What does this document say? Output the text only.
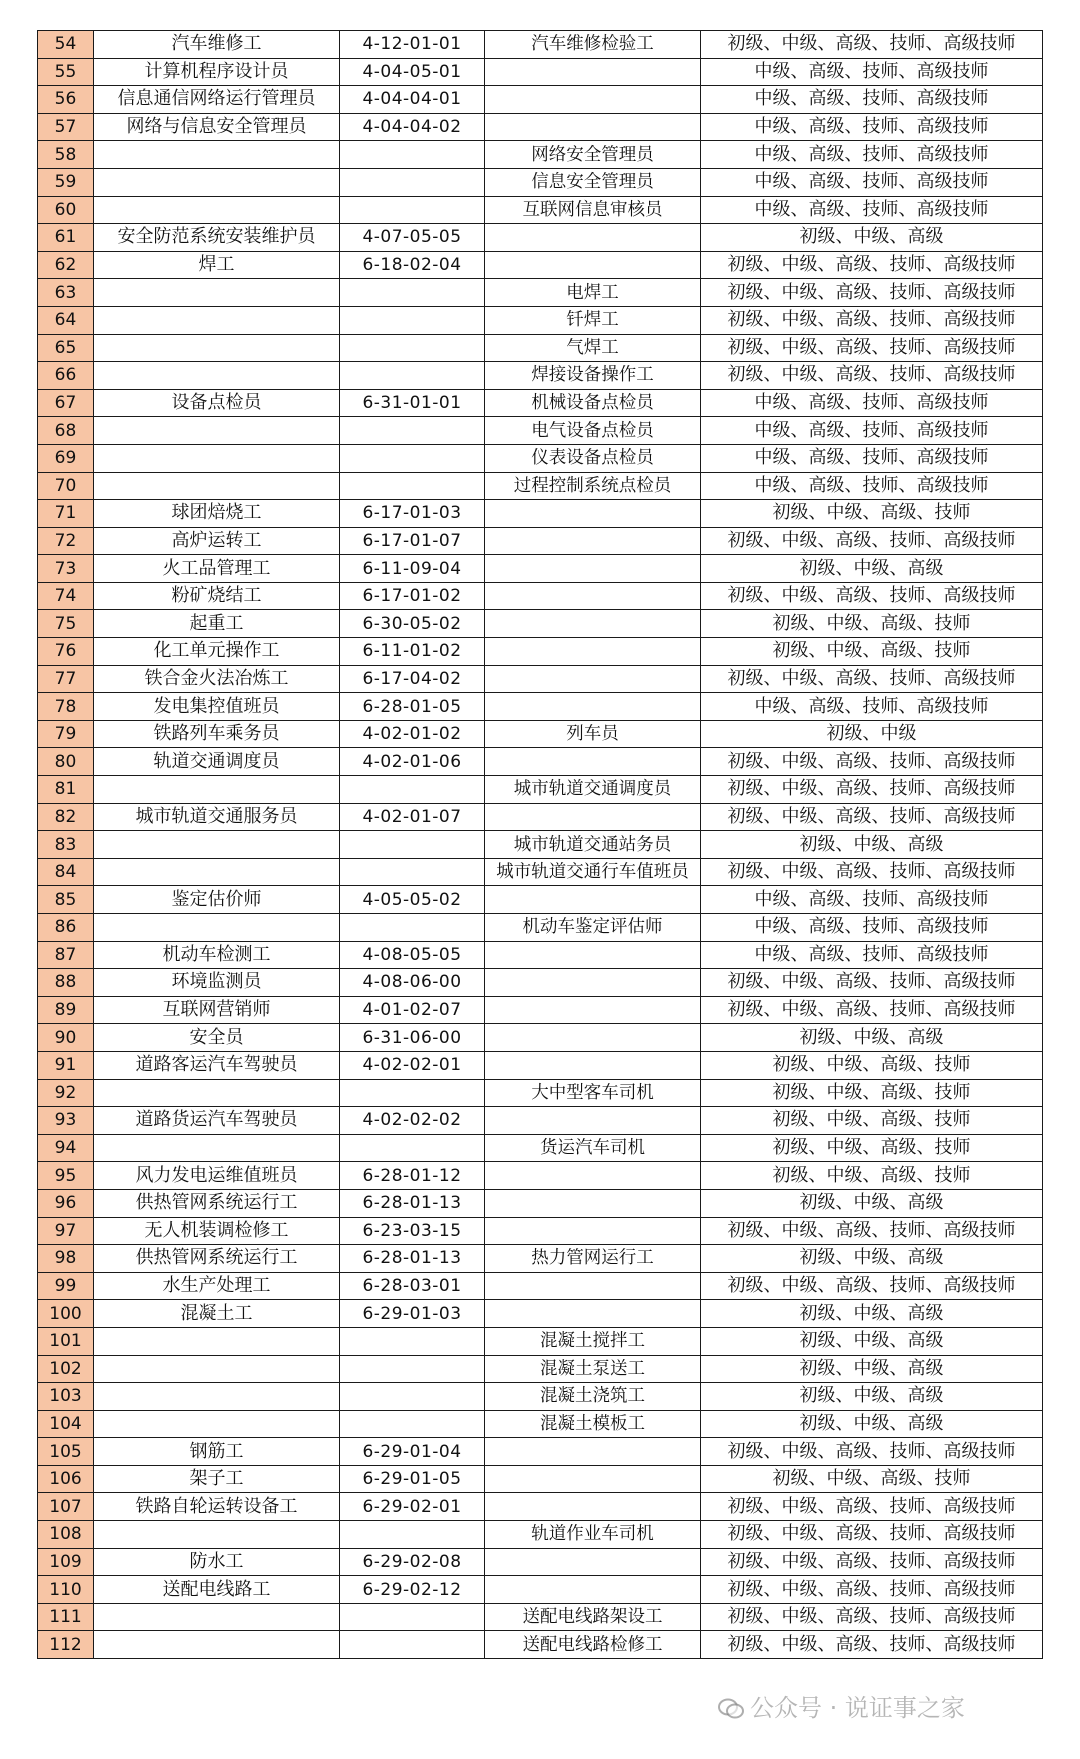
54	汽车维修工	4-12-01-01	汽车维修检验工	初级、中级、高级、技师、高级技师
55	计算机程序设计员	4-04-05-01		中级、高级、技师、高级技师
56	信息通信网络运行管理员	4-04-04-01		中级、高级、技师、高级技师
57	网络与信息安全管理员	4-04-04-02		中级、高级、技师、高级技师
58			网络安全管理员	中级、高级、技师、高级技师
59			信息安全管理员	中级、高级、技师、高级技师
60			互联网信息审核员	中级、高级、技师、高级技师
61	安全防范系统安装维护员	4-07-05-05		初级、中级、高级
62	焊工	6-18-02-04		初级、中级、高级、技师、高级技师
63			电焊工	初级、中级、高级、技师、高级技师
64			钎焊工	初级、中级、高级、技师、高级技师
65			气焊工	初级、中级、高级、技师、高级技师
66			焊接设备操作工	初级、中级、高级、技师、高级技师
67	设备点检员	6-31-01-01	机械设备点检员	中级、高级、技师、高级技师
68			电气设备点检员	中级、高级、技师、高级技师
69			仪表设备点检员	中级、高级、技师、高级技师
70			过程控制系统点检员	中级、高级、技师、高级技师
71	球团焙烧工	6-17-01-03		初级、中级、高级、技师
72	高炉运转工	6-17-01-07		初级、中级、高级、技师、高级技师
73	火工品管理工	6-11-09-04		初级、中级、高级
74	粉矿烧结工	6-17-01-02		初级、中级、高级、技师、高级技师
75	起重工	6-30-05-02		初级、中级、高级、技师
76	化工单元操作工	6-11-01-02		初级、中级、高级、技师
77	铁合金火法冶炼工	6-17-04-02		初级、中级、高级、技师、高级技师
78	发电集控值班员	6-28-01-05		中级、高级、技师、高级技师
79	铁路列车乘务员	4-02-01-02	列车员	初级、中级
80	轨道交通调度员	4-02-01-06		初级、中级、高级、技师、高级技师
81			城市轨道交通调度员	初级、中级、高级、技师、高级技师
82	城市轨道交通服务员	4-02-01-07		初级、中级、高级、技师、高级技师
83			城市轨道交通站务员	初级、中级、高级
84			城市轨道交通行车值班员	初级、中级、高级、技师、高级技师
85	鉴定估价师	4-05-05-02		中级、高级、技师、高级技师
86			机动车鉴定评估师	中级、高级、技师、高级技师
87	机动车检测工	4-08-05-05		中级、高级、技师、高级技师
88	环境监测员	4-08-06-00		初级、中级、高级、技师、高级技师
89	互联网营销师	4-01-02-07		初级、中级、高级、技师、高级技师
90	安全员	6-31-06-00		初级、中级、高级
91	道路客运汽车驾驶员	4-02-02-01		初级、中级、高级、技师
92			大中型客车司机	初级、中级、高级、技师
93	道路货运汽车驾驶员	4-02-02-02		初级、中级、高级、技师
94			货运汽车司机	初级、中级、高级、技师
95	风力发电运维值班员	6-28-01-12		初级、中级、高级、技师
96	供热管网系统运行工	6-28-01-13		初级、中级、高级
97	无人机装调检修工	6-23-03-15		初级、中级、高级、技师、高级技师
98	供热管网系统运行工	6-28-01-13	热力管网运行工	初级、中级、高级
99	水生产处理工	6-28-03-01		初级、中级、高级、技师、高级技师
100	混凝土工	6-29-01-03		初级、中级、高级
101			混凝土搅拌工	初级、中级、高级
102			混凝土泵送工	初级、中级、高级
103			混凝土浇筑工	初级、中级、高级
104			混凝土模板工	初级、中级、高级
105	钢筋工	6-29-01-04		初级、中级、高级、技师、高级技师
106	架子工	6-29-01-05		初级、中级、高级、技师
107	铁路自轮运转设备工	6-29-02-01		初级、中级、高级、技师、高级技师
108			轨道作业车司机	初级、中级、高级、技师、高级技师
109	防水工	6-29-02-08		初级、中级、高级、技师、高级技师
110	送配电线路工	6-29-02-12		初级、中级、高级、技师、高级技师
111			送配电线路架设工	初级、中级、高级、技师、高级技师
112			送配电线路检修工	初级、中级、高级、技师、高级技师
公众号 · 说证事之家
